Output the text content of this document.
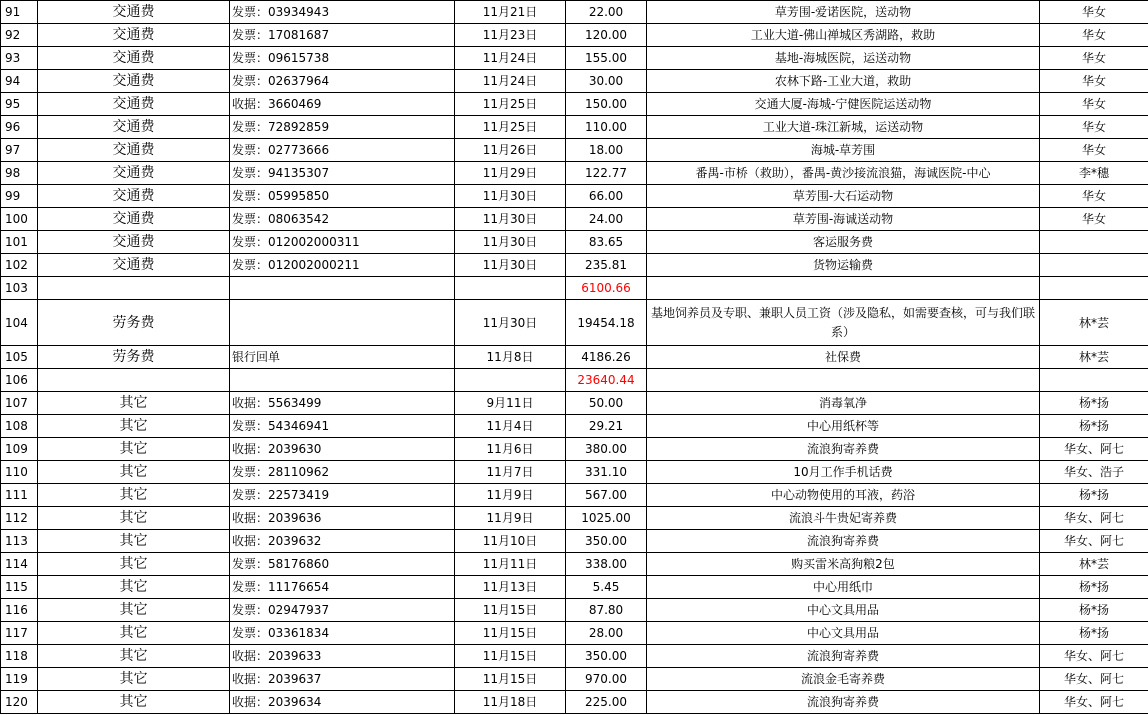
91	交通费	发票：03934943	11月21日	22.00	草芳围-爱诺医院，送动物	华女
92	交通费	发票：17081687	11月23日	120.00	工业大道-佛山禅城区秀湖路，救助	华女
93	交通费	发票：09615738	11月24日	155.00	基地-海城医院，运送动物	华女
94	交通费	发票：02637964	11月24日	30.00	农林下路-工业大道，救助	华女
95	交通费	收据：3660469	11月25日	150.00	交通大厦-海城-宁健医院运送动物	华女
96	交通费	发票：72892859	11月25日	110.00	工业大道-珠江新城，运送动物	华女
97	交通费	发票：02773666	11月26日	18.00	海城-草芳围	华女
98	交通费	发票：94135307	11月29日	122.77	番禺-市桥（救助），番禺-黄沙接流浪猫，海诚医院-中心	李*穗
99	交通费	发票：05995850	11月30日	66.00	草芳围-大石运动物	华女
100	交通费	发票：08063542	11月30日	24.00	草芳围-海诚送动物	华女
101	交通费	发票：012002000311	11月30日	83.65	客运服务费	
102	交通费	发票：012002000211	11月30日	235.81	货物运输费	
103				6100.66		
104	劳务费		11月30日	19454.18	基地饲养员及专职、兼职人员工资（涉及隐私，如需要查核，可与我们联系）	林*芸
105	劳务费	银行回单	11月8日	4186.26	社保费	林*芸
106				23640.44		
107	其它	收据：5563499	9月11日	50.00	消毒氧净	杨*扬
108	其它	发票：54346941	11月4日	29.21	中心用纸杯等	杨*扬
109	其它	收据：2039630	11月6日	380.00	流浪狗寄养费	华女、阿七
110	其它	发票：28110962	11月7日	331.10	10月工作手机话费	华女、浩子
111	其它	发票：22573419	11月9日	567.00	中心动物使用的耳液，药浴	杨*扬
112	其它	收据：2039636	11月9日	1025.00	流浪斗牛贵妃寄养费	华女、阿七
113	其它	收据：2039632	11月10日	350.00	流浪狗寄养费	华女、阿七
114	其它	发票：58176860	11月11日	338.00	购买雷米高狗粮2包	林*芸
115	其它	发票：11176654	11月13日	5.45	中心用纸巾	杨*扬
116	其它	发票：02947937	11月15日	87.80	中心文具用品	杨*扬
117	其它	发票：03361834	11月15日	28.00	中心文具用品	杨*扬
118	其它	收据：2039633	11月15日	350.00	流浪狗寄养费	华女、阿七
119	其它	收据：2039637	11月15日	970.00	流浪金毛寄养费	华女、阿七
120	其它	收据：2039634	11月18日	225.00	流浪狗寄养费	华女、阿七
